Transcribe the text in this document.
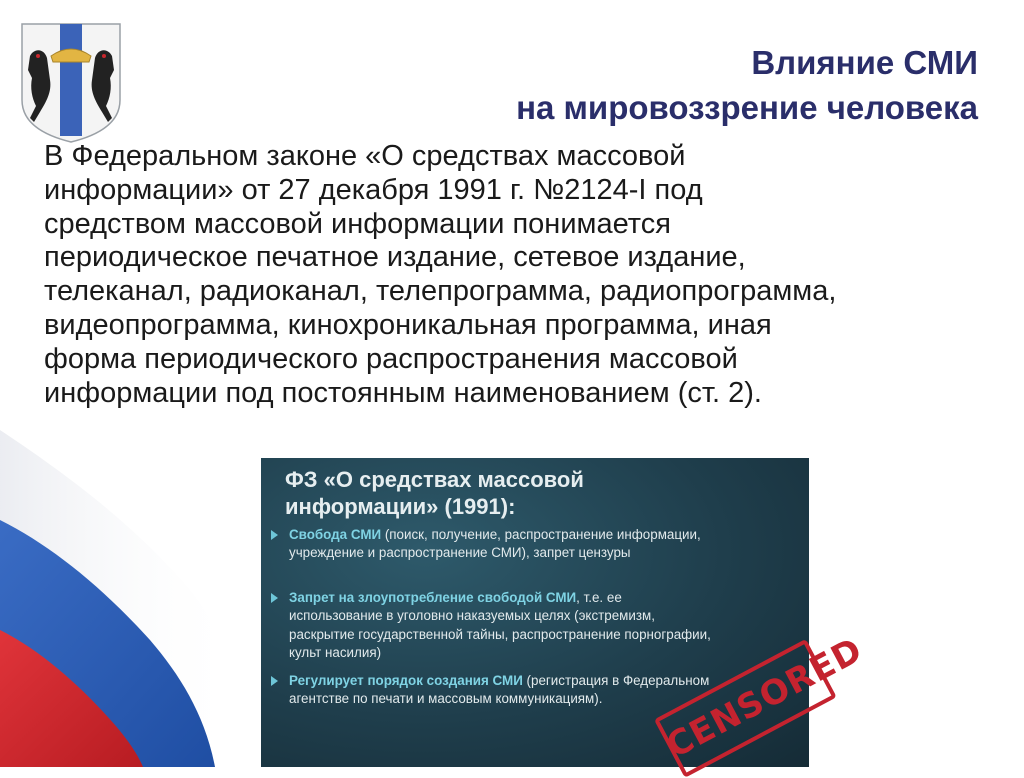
Влияние СМИ
на мировоззрение человека
В Федеральном законе «О средствах массовой
информации» от 27 декабря 1991 г. №2124-I под
средством массовой информации понимается
периодическое печатное издание, сетевое издание,
телеканал, радиоканал, телепрограмма, радиопрограмма,
видеопрограмма, кинохроникальная программа, иная
форма периодического распространения массовой
информации под постоянным наименованием (ст. 2).
ФЗ «О средствах массовой
информации» (1991):
Свобода СМИ (поиск, получение, распространение информации, учреждение и распространение СМИ), запрет цензуры
Запрет на злоупотребление свободой СМИ, т.е. ее использование в уголовно наказуемых целях (экстремизм, раскрытие государственной тайны, распространение порнографии, культ насилия)
Регулирует порядок создания СМИ (регистрация в Федеральном агентстве по печати и массовым коммуникациям).	CENSORED
